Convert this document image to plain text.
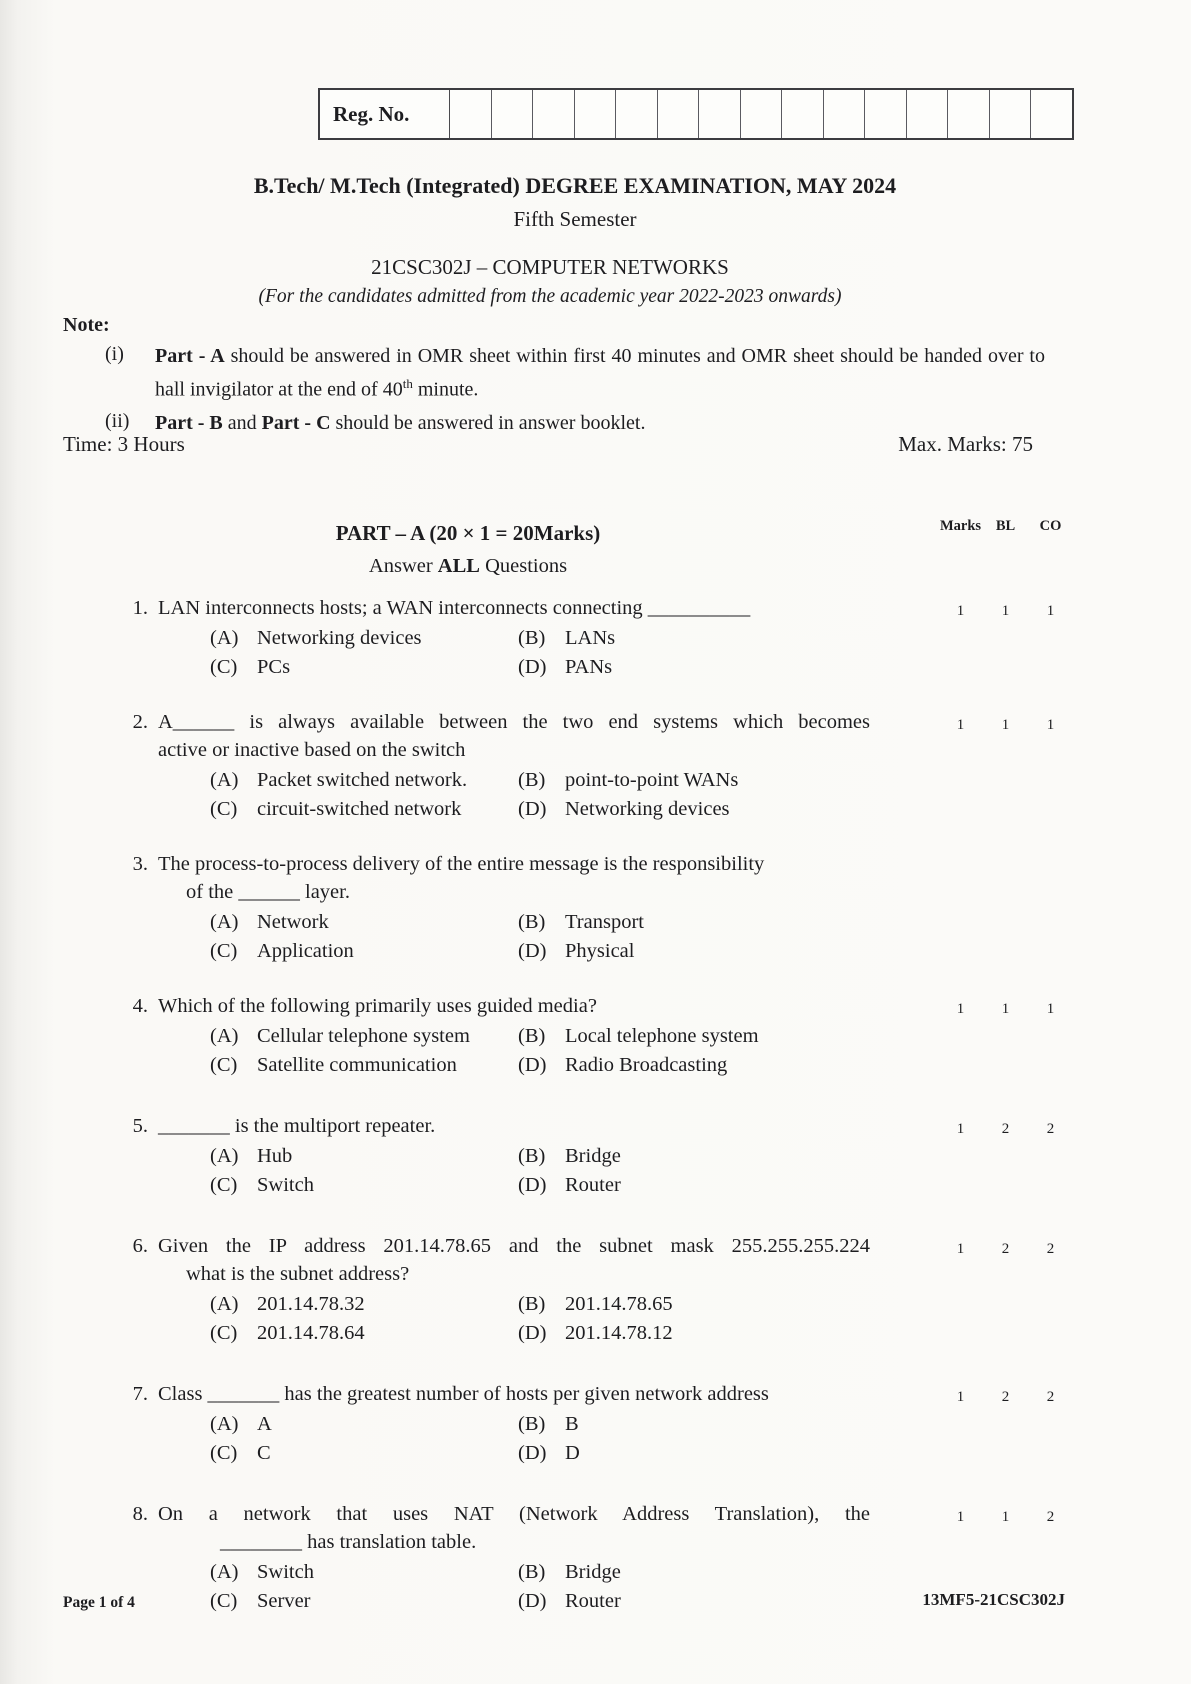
Reg. No.
B.Tech/ M.Tech (Integrated) DEGREE EXAMINATION, MAY 2024
Fifth Semester
21CSC302J – COMPUTER NETWORKS
(For the candidates admitted from the academic year 2022-2023 onwards)
Note:
(i)	Part - A should be answered in OMR sheet within first 40 minutes and OMR sheet should be handed over to hall invigilator at the end of 40th minute.
(ii)	Part - B and Part - C should be answered in answer booklet.
Time: 3 Hours	Max. Marks: 75
Marks	BL	CO
PART – A (20 × 1 = 20Marks)
Answer ALL Questions
1. LAN interconnects hosts; a WAN interconnects connecting __________
(A) Networking devices	(B) LANs
(C) PCs	(D) PANs
1	1	1
2. A______ is always available between the two end systems which becomes
active or inactive based on the switch
(A) Packet switched network. (B) point-to-point WANs
(C) circuit-switched network	(D) Networking devices
1	1	1
3. The process-to-process delivery of the entire message is the responsibility
of the ______ layer.
(A) Network	(B) Transport
(C) Application	(D) Physical
4. Which of the following primarily uses guided media?
(A) Cellular telephone system (B) Local telephone system
(C) Satellite communication	(D) Radio Broadcasting
1	1	1
5. _______ is the multiport repeater.
(A) Hub	(B) Bridge
(C) Switch	(D) Router
1	2	2
6. Given the IP address 201.14.78.65 and the subnet mask 255.255.255.224
what is the subnet address?
(A) 201.14.78.32	(B) 201.14.78.65
(C) 201.14.78.64	(D) 201.14.78.12
1	2	2
7. Class _______ has the greatest number of hosts per given network address
(A) A	(B) B
(C) C	(D) D
1	2	2
8. On a network that uses NAT (Network Address Translation), the
________ has translation table.
(A) Switch	(B) Bridge
(C) Server	(D) Router
1	1	2
Page 1 of 4	13MF5-21CSC302J
